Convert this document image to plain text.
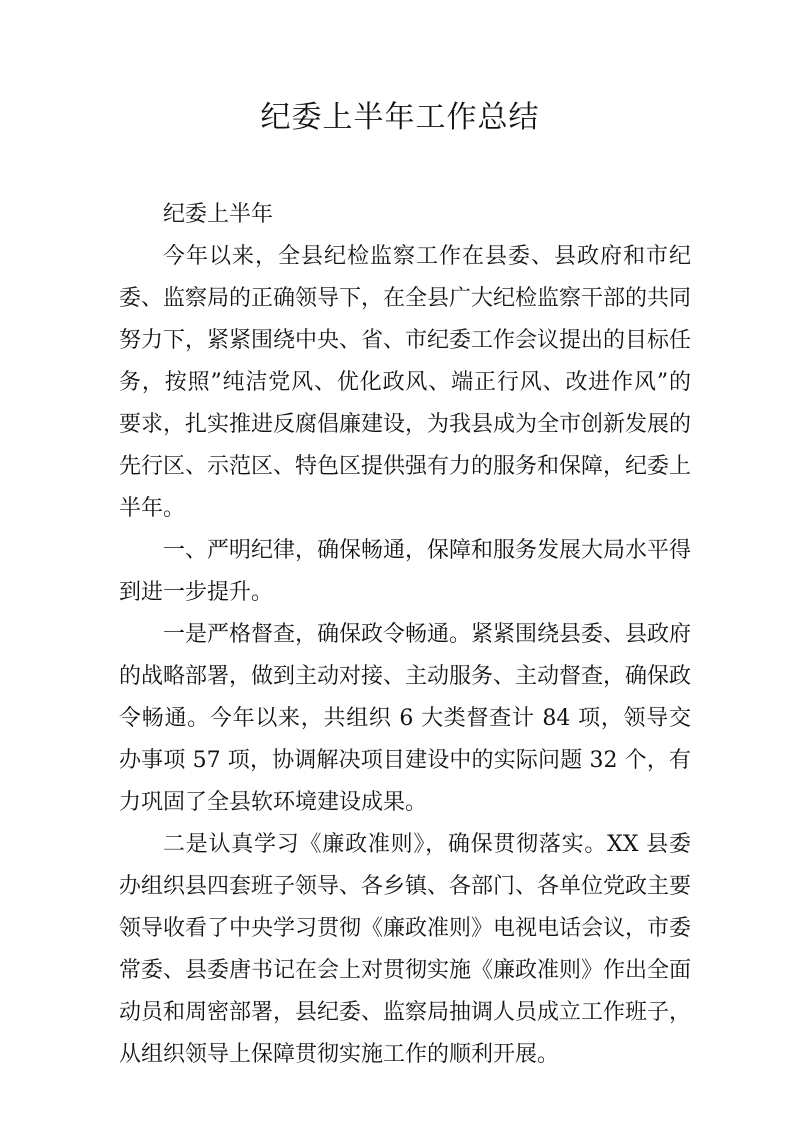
纪委上半年工作总结

纪委上半年

今年以来，全县纪检监察工作在县委、县政府和市纪委、监察局的正确领导下，在全县广大纪检监察干部的共同努力下，紧紧围绕中央、省、市纪委工作会议提出的目标任务，按照”纯洁党风、优化政风、端正行风、改进作风”的要求，扎实推进反腐倡廉建设，为我县成为全市创新发展的先行区、示范区、特色区提供强有力的服务和保障，纪委上半年。

一、严明纪律，确保畅通，保障和服务发展大局水平得到进一步提升。

一是严格督查，确保政令畅通。紧紧围绕县委、县政府的战略部署，做到主动对接、主动服务、主动督查，确保政令畅通。今年以来，共组织 6 大类督查计 84 项，领导交办事项 57 项，协调解决项目建设中的实际问题 32 个，有力巩固了全县软环境建设成果。

二是认真学习《廉政准则》，确保贯彻落实。XX 县委办组织县四套班子领导、各乡镇、各部门、各单位党政主要领导收看了中央学习贯彻《廉政准则》电视电话会议，市委常委、县委唐书记在会上对贯彻实施《廉政准则》作出全面动员和周密部署，县纪委、监察局抽调人员成立工作班子，从组织领导上保障贯彻实施工作的顺利开展。
